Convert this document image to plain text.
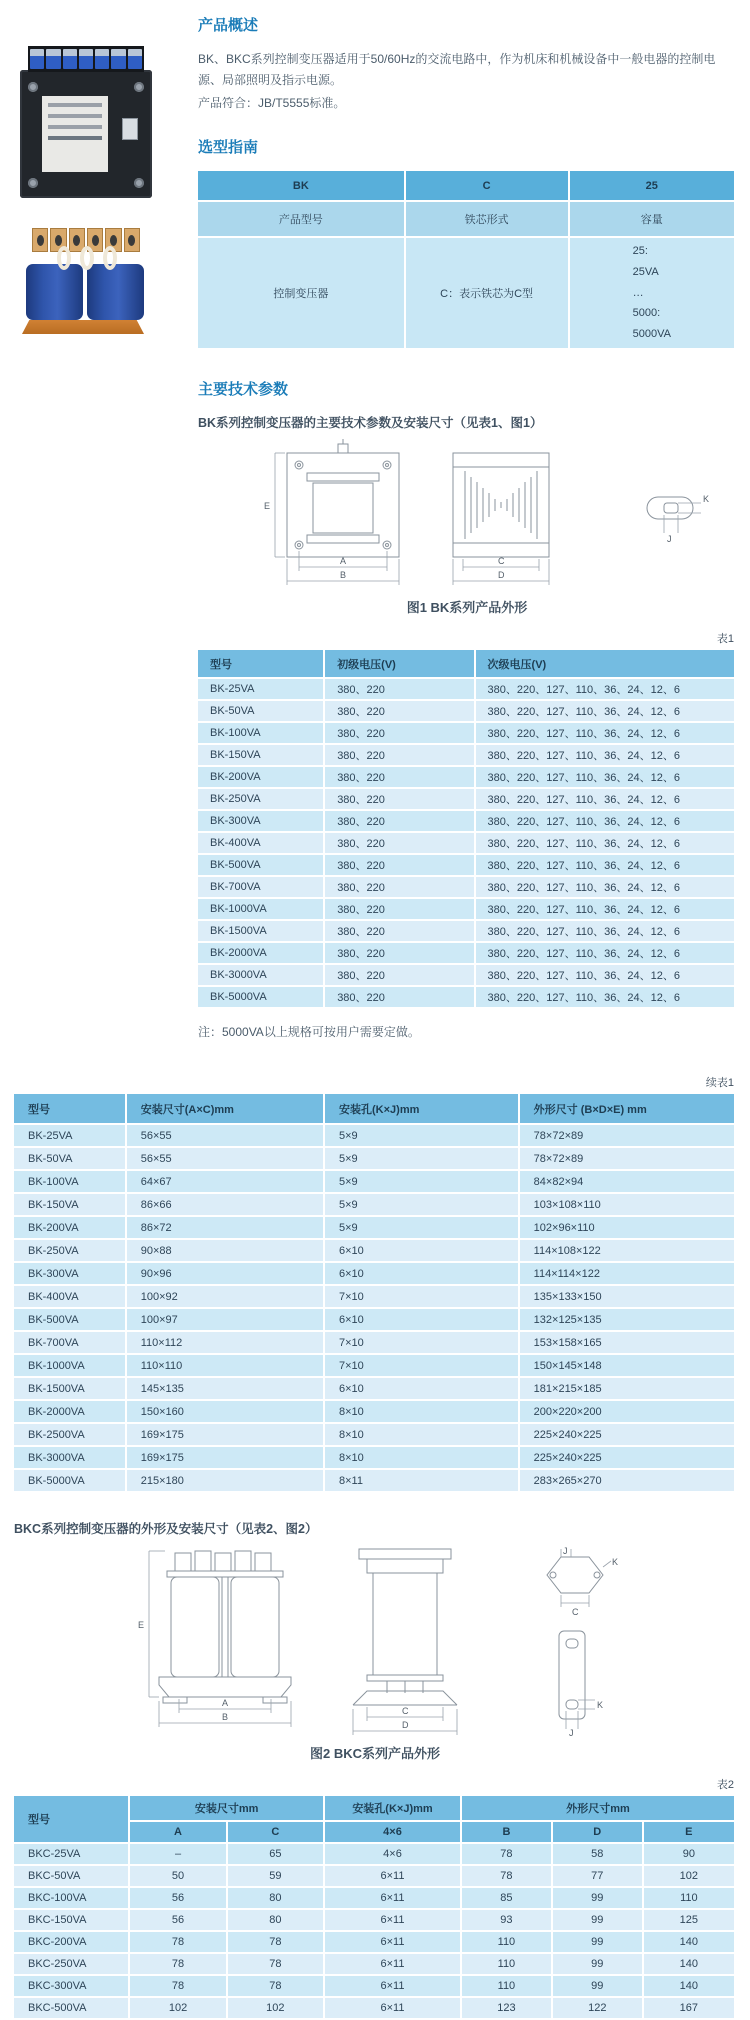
产品概述

BK、BKC系列控制变压器适用于50/60Hz的交流电路中，作为机床和机械设备中一般电器的控制电源、局部照明及指示电源。

产品符合：JB/T5555标准。

选型指南
BK	C	25
产品型号	铁芯形式	容量
控制变压器	C：表示铁芯为C型	25:
25VA
…
5000:
5000VA
主要技术参数

BK系列控制变压器的主要技术参数及安装尺寸（见表1、图1）

E
A
B
C
D
K
J
图1 BK系列产品外形
表1
型号	初级电压(V)	次级电压(V)
BK-25VA	380、220	380、220、127、110、36、24、12、6
BK-50VA	380、220	380、220、127、110、36、24、12、6
BK-100VA	380、220	380、220、127、110、36、24、12、6
BK-150VA	380、220	380、220、127、110、36、24、12、6
BK-200VA	380、220	380、220、127、110、36、24、12、6
BK-250VA	380、220	380、220、127、110、36、24、12、6
BK-300VA	380、220	380、220、127、110、36、24、12、6
BK-400VA	380、220	380、220、127、110、36、24、12、6
BK-500VA	380、220	380、220、127、110、36、24、12、6
BK-700VA	380、220	380、220、127、110、36、24、12、6
BK-1000VA	380、220	380、220、127、110、36、24、12、6
BK-1500VA	380、220	380、220、127、110、36、24、12、6
BK-2000VA	380、220	380、220、127、110、36、24、12、6
BK-3000VA	380、220	380、220、127、110、36、24、12、6
BK-5000VA	380、220	380、220、127、110、36、24、12、6

注：5000VA以上规格可按用户需要定做。

续表1
型号	安装尺寸(A×C)mm	安装孔(K×J)mm	外形尺寸 (B×D×E) mm
BK-25VA	56×55	5×9	78×72×89
BK-50VA	56×55	5×9	78×72×89
BK-100VA	64×67	5×9	84×82×94
BK-150VA	86×66	5×9	103×108×110
BK-200VA	86×72	5×9	102×96×110
BK-250VA	90×88	6×10	114×108×122
BK-300VA	90×96	6×10	114×114×122
BK-400VA	100×92	7×10	135×133×150
BK-500VA	100×97	6×10	132×125×135
BK-700VA	110×112	7×10	153×158×165
BK-1000VA	110×110	7×10	150×145×148
BK-1500VA	145×135	6×10	181×215×185
BK-2000VA	150×160	8×10	200×220×200
BK-2500VA	169×175	8×10	225×240×225
BK-3000VA	169×175	8×10	225×240×225
BK-5000VA	215×180	8×11	283×265×270

BKC系列控制变压器的外形及安装尺寸（见表2、图2）

E
A
B
C
D
J
K
C
K
J
图2 BKC系列产品外形
表2
型号	安装尺寸mm		安装孔(K×J)mm	外形尺寸mm		
	A	C	4×6	B	D	E
BKC-25VA	–	65	4×6	78	58	90
BKC-50VA	50	59	6×11	78	77	102
BKC-100VA	56	80	6×11	85	99	110
BKC-150VA	56	80	6×11	93	99	125
BKC-200VA	78	78	6×11	110	99	140
BKC-250VA	78	78	6×11	110	99	140
BKC-300VA	78	78	6×11	110	99	140
BKC-500VA	102	102	6×11	123	122	167
